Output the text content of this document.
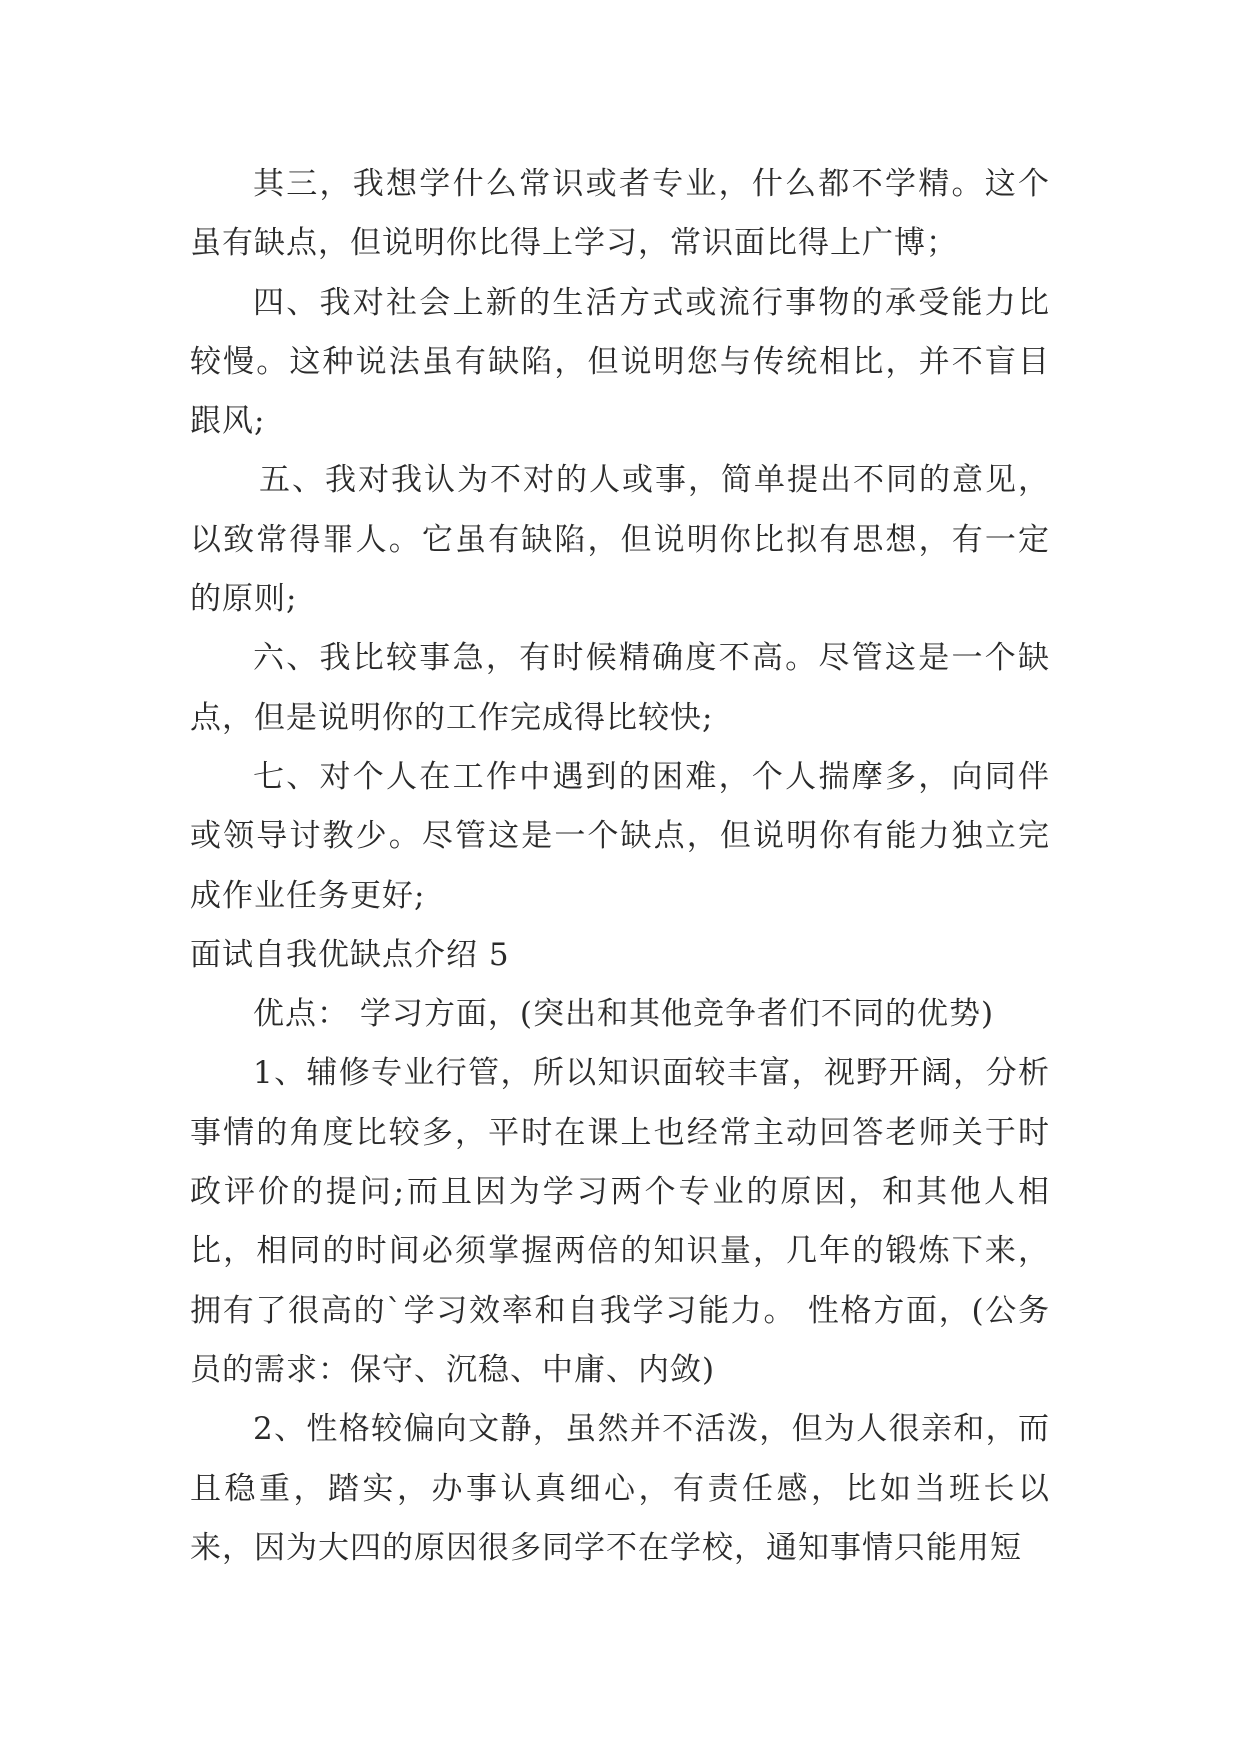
其三，我想学什么常识或者专业，什么都不学精。这个虽有缺点，但说明你比得上学习，常识面比得上广博；

四、我对社会上新的生活方式或流行事物的承受能力比较慢。这种说法虽有缺陷，但说明您与传统相比，并不盲目跟风;

五、我对我认为不对的人或事，简单提出不同的意见，以致常得罪人。它虽有缺陷，但说明你比拟有思想，有一定的原则;

六、我比较事急，有时候精确度不高。尽管这是一个缺点，但是说明你的工作完成得比较快;

七、对个人在工作中遇到的困难，个人揣摩多，向同伴或领导讨教少。尽管这是一个缺点，但说明你有能力独立完成作业任务更好;

面试自我优缺点介绍 5

优点： 学习方面，(突出和其他竞争者们不同的优势)

1、辅修专业行管，所以知识面较丰富，视野开阔，分析事情的角度比较多，平时在课上也经常主动回答老师关于时政评价的提问;而且因为学习两个专业的原因，和其他人相比，相同的时间必须掌握两倍的知识量，几年的锻炼下来，拥有了很高的`学习效率和自我学习能力。 性格方面，(公务员的需求：保守、沉稳、中庸、内敛)

2、性格较偏向文静，虽然并不活泼，但为人很亲和，而且稳重，踏实，办事认真细心，有责任感，比如当班长以来，因为大四的原因很多同学不在学校，通知事情只能用短
